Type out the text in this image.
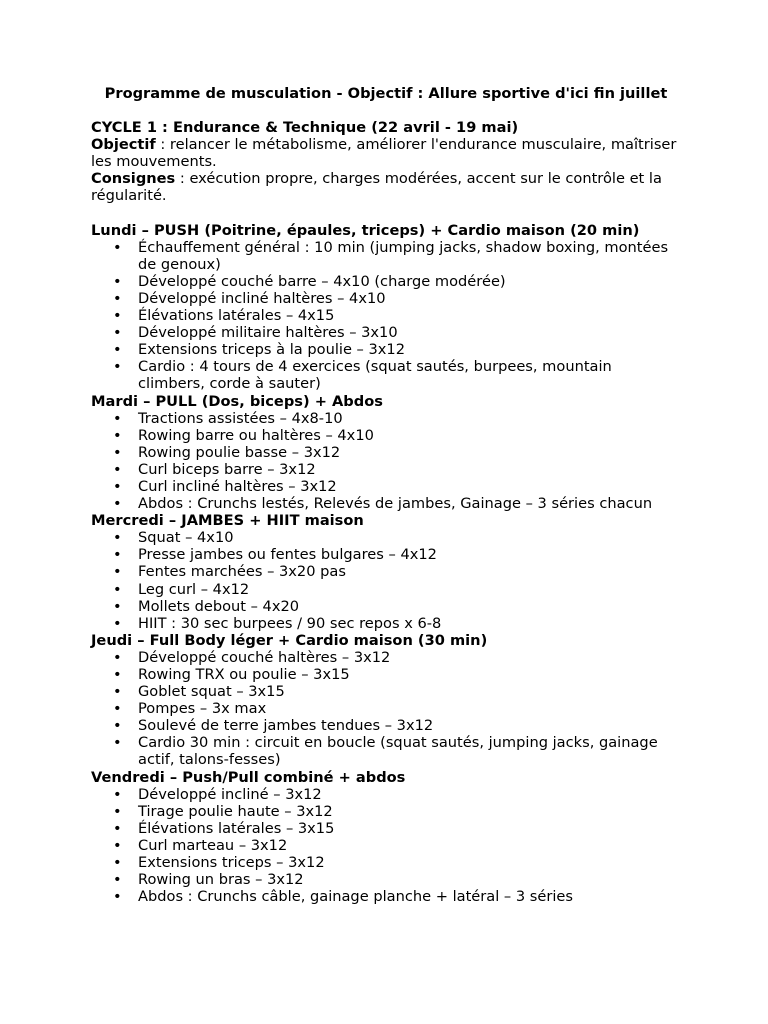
Programme de musculation - Objectif : Allure sportive d'ici fin juillet
CYCLE 1 : Endurance & Technique (22 avril - 19 mai)

Objectif : relancer le métabolisme, améliorer l'endurance musculaire, maîtriser les mouvements.

Consignes : exécution propre, charges modérées, accent sur le contrôle et la régularité.

Lundi – PUSH (Poitrine, épaules, triceps) + Cardio maison (20 min)
• Échauffement général : 10 min (jumping jacks, shadow boxing, montées de genoux)
• Développé couché barre – 4x10 (charge modérée)
• Développé incliné haltères – 4x10
• Élévations latérales – 4x15
• Développé militaire haltères – 3x10
• Extensions triceps à la poulie – 3x12
• Cardio : 4 tours de 4 exercices (squat sautés, burpees, mountain climbers, corde à sauter)
Mardi – PULL (Dos, biceps) + Abdos
• Tractions assistées – 4x8-10
• Rowing barre ou haltères – 4x10
• Rowing poulie basse – 3x12
• Curl biceps barre – 3x12
• Curl incliné haltères – 3x12
• Abdos : Crunchs lestés, Relevés de jambes, Gainage – 3 séries chacun
Mercredi – JAMBES + HIIT maison
• Squat – 4x10
• Presse jambes ou fentes bulgares – 4x12
• Fentes marchées – 3x20 pas
• Leg curl – 4x12
• Mollets debout – 4x20
• HIIT : 30 sec burpees / 90 sec repos x 6-8
Jeudi – Full Body léger + Cardio maison (30 min)
• Développé couché haltères – 3x12
• Rowing TRX ou poulie – 3x15
• Goblet squat – 3x15
• Pompes – 3x max
• Soulevé de terre jambes tendues – 3x12
• Cardio 30 min : circuit en boucle (squat sautés, jumping jacks, gainage actif, talons-fesses)
Vendredi – Push/Pull combiné + abdos
• Développé incliné – 3x12
• Tirage poulie haute – 3x12
• Élévations latérales – 3x15
• Curl marteau – 3x12
• Extensions triceps – 3x12
• Rowing un bras – 3x12
• Abdos : Crunchs câble, gainage planche + latéral – 3 séries
